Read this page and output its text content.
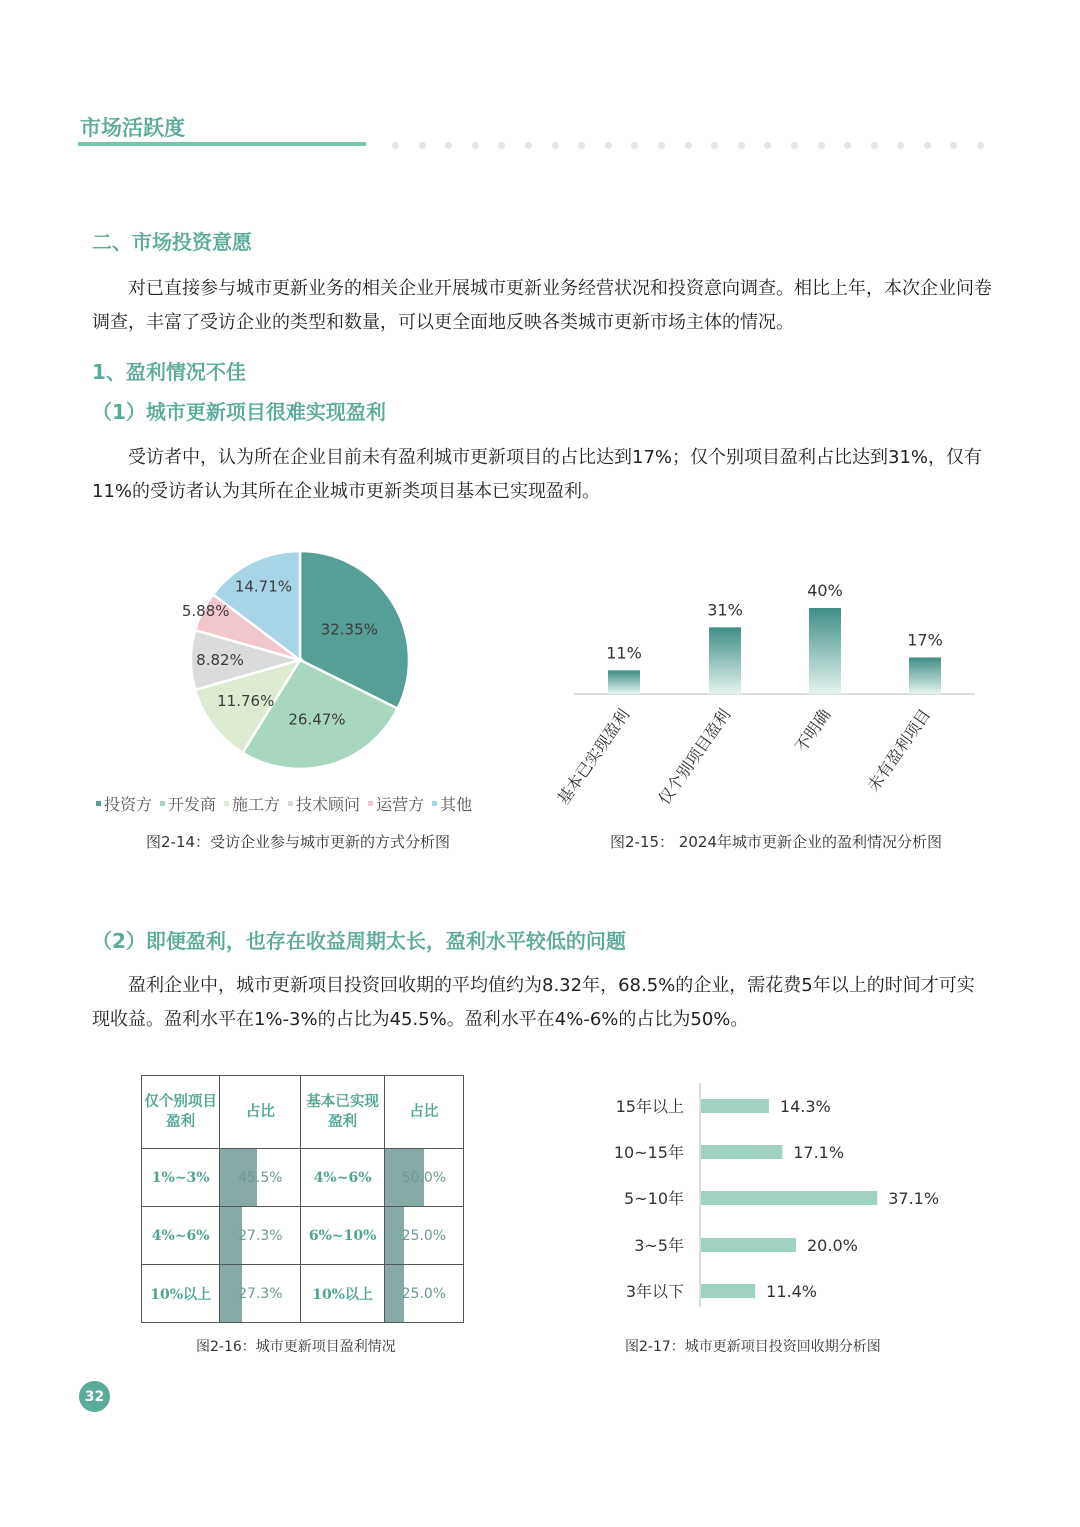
市场活跃度
二、市场投资意愿

对已直接参与城市更新业务的相关企业开展城市更新业务经营状况和投资意向调查。相比上年，本次企业问卷调查，丰富了受访企业的类型和数量，可以更全面地反映各类城市更新市场主体的情况。

1、盈利情况不佳
（1）城市更新项目很难实现盈利

受访者中，认为所在企业目前未有盈利城市更新项目的占比达到17%；仅个别项目盈利占比达到31%，仅有11%的受访者认为其所在企业城市更新类项目基本已实现盈利。

32.35%
26.47%
11.76%
8.82%
5.88%
14.71%
投资方 开发商 施工方 技术顾问 运营方 其他
图2-14：受访企业参与城市更新的方式分析图
11%
基本已实现盈利
31%
仅个别项目盈利
40%
不明确
17%
未有盈利项目
图2-15： 2024年城市更新企业的盈利情况分析图
（2）即便盈利，也存在收益周期太长，盈利水平较低的问题

盈利企业中，城市更新项目投资回收期的平均值约为8.32年，68.5%的企业，需花费5年以上的时间才可实现收益。盈利水平在1%-3%的占比为45.5%。盈利水平在4%-6%的占比为50%。

仅个别项目盈利	占比	基本已实现盈利	占比
1%~3%	45.5%	4%~6%	50.0%
4%~6%	27.3%	6%~10%	25.0%
10%以上	27.3%	10%以上	25.0%
图2-16：城市更新项目盈利情况
15年以上	14.3%
10~15年	17.1%
5~10年	37.1%
3~5年	20.0%
3年以下	11.4%
图2-17：城市更新项目投资回收期分析图
32
